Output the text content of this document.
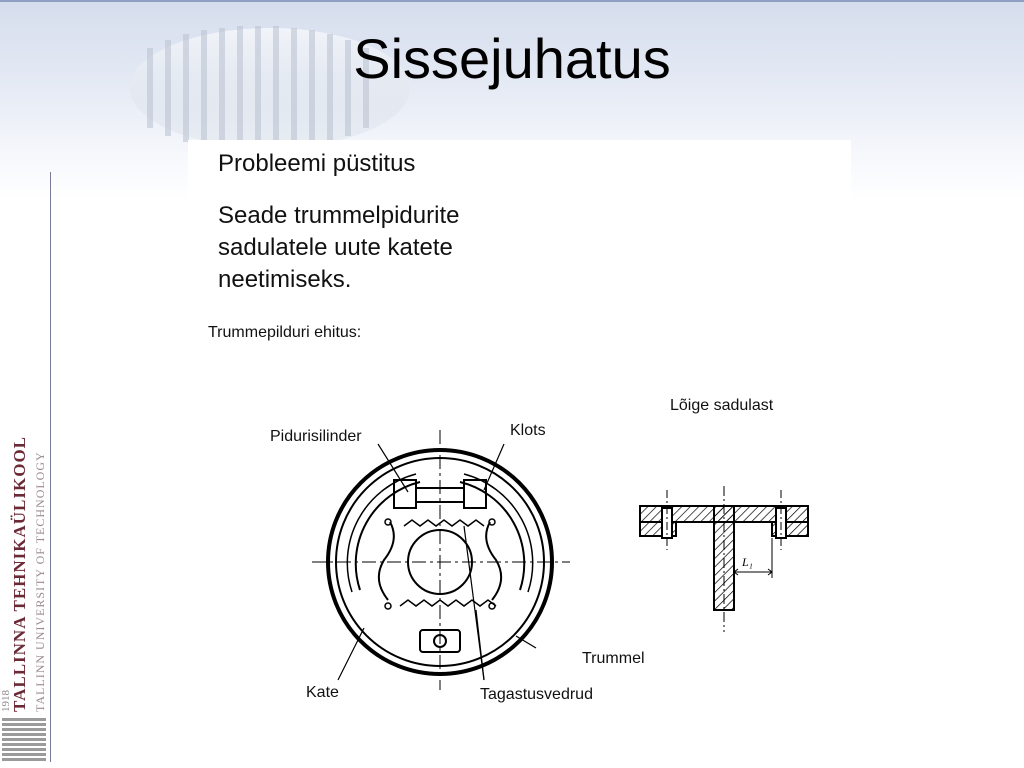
Sissejuhatus
1918
TALLINNA TEHNIKAÜLIKOOL TALLINN UNIVERSITY OF TECHNOLOGY
Probleemi püstitus
Seade trummelpidurite
sadulatele uute katete
neetimiseks.
Trummepilduri ehitus:
Pidurisilinder	Klots
Trummel
Kate	Tagastusvedrud
Lõige sadulast
L₁
